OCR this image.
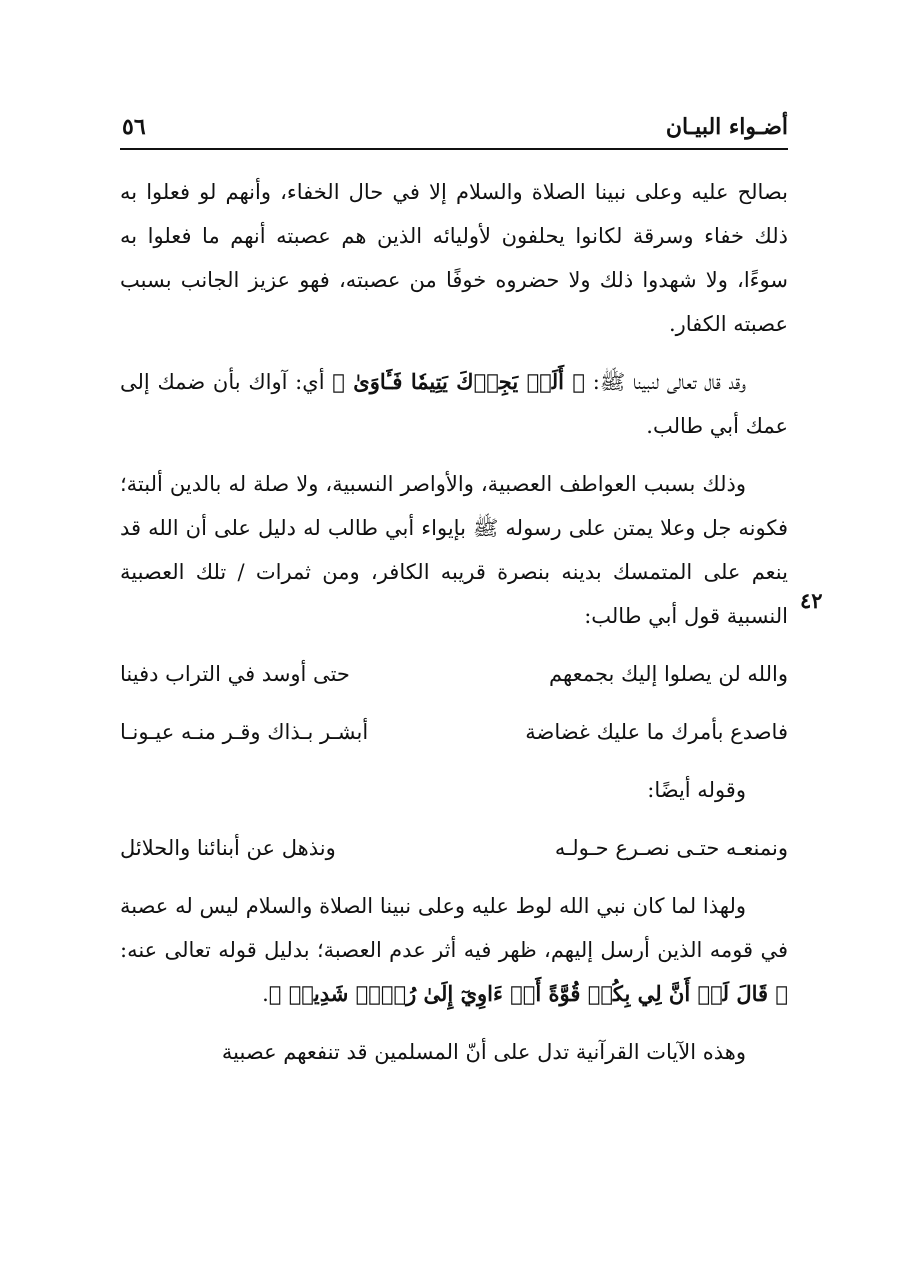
أضـواء البيـان
٥٦
٤٢

بصالح عليه وعلى نبينا الصلاة والسلام إلا في حال الخفاء، وأنهم لو فعلوا به ذلك خفاء وسرقة لكانوا يحلفون لأوليائه الذين هم عصبته أنهم ما فعلوا به سوءًا، ولا شهدوا ذلك ولا حضروه خوفًا من عصبته، فهو عزيز الجانب بسبب عصبته الكفار.

وقد قال تعالى لنبينا ﷺ: ﴿ أَلَمۡ يَجِدۡكَ يَتِيمٗا فَـَٔاوَىٰ ﴾ أي: آواك بأن ضمك إلى عمك أبي طالب.

وذلك بسبب العواطف العصبية، والأواصر النسبية، ولا صلة له بالدين ألبتة؛ فكونه جل وعلا يمتن على رسوله ﷺ بإيواء أبي طالب له دليل على أن الله قد ينعم على المتمسك بدينه بنصرة قريبه الكافر، ومن ثمرات / تلك العصبية النسبية قول أبي طالب:

والله لن يصلوا إليك بجمعهم
حتى أوسد في التراب دفينا
فاصدع بأمرك ما عليك غضاضة
أبشـر بـذاك وقـر منـه عيـونـا
وقوله أيضًا:
ونمنعـه حتـى نصـرع حـولـه
ونذهل عن أبنائنا والحلائل

ولهذا لما كان نبي الله لوط عليه وعلى نبينا الصلاة والسلام ليس له عصبة في قومه الذين أرسل إليهم، ظهر فيه أثر عدم العصبة؛ بدليل قوله تعالى عنه: ﴿ قَالَ لَوۡ أَنَّ لِي بِكُمۡ قُوَّةً أَوۡ ءَاوِيٓ إِلَىٰ رُكۡنٖ شَدِيدٖ ﴾.

وهذه الآيات القرآنية تدل على أنّ المسلمين قد تنفعهم عصبية
